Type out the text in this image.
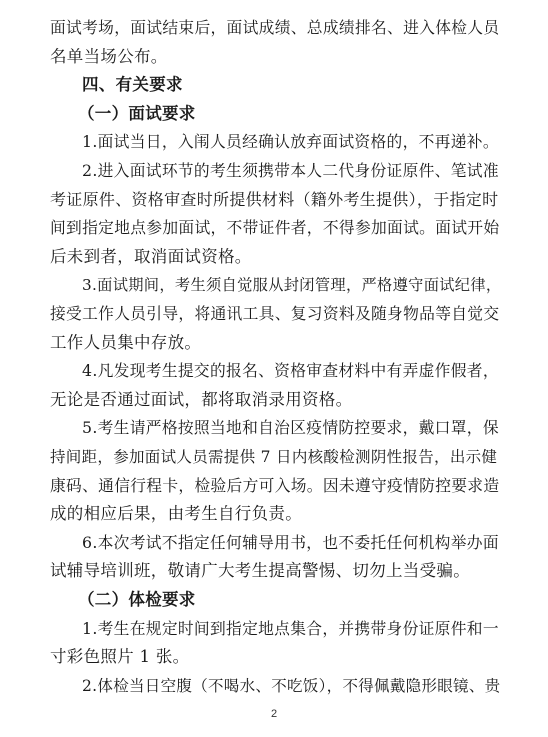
面试考场，面试结束后，面试成绩、总成绩排名、进入体检人员
名单当场公布。
四、有关要求
（一）面试要求
1.面试当日，入闱人员经确认放弃面试资格的，不再递补。
2.进入面试环节的考生须携带本人二代身份证原件、笔试准
考证原件、资格审查时所提供材料（籍外考生提供），于指定时
间到指定地点参加面试，不带证件者，不得参加面试。面试开始
后未到者，取消面试资格。
3.面试期间，考生须自觉服从封闭管理，严格遵守面试纪律，
接受工作人员引导，将通讯工具、复习资料及随身物品等自觉交
工作人员集中存放。
4.凡发现考生提交的报名、资格审查材料中有弄虚作假者，
无论是否通过面试，都将取消录用资格。
5.考生请严格按照当地和自治区疫情防控要求，戴口罩，保
持间距，参加面试人员需提供 7 日内核酸检测阴性报告，出示健
康码、通信行程卡，检验后方可入场。因未遵守疫情防控要求造
成的相应后果，由考生自行负责。
6.本次考试不指定任何辅导用书，也不委托任何机构举办面
试辅导培训班，敬请广大考生提高警惕、切勿上当受骗。
（二）体检要求
1.考生在规定时间到指定地点集合，并携带身份证原件和一
寸彩色照片 1 张。
2.体检当日空腹（不喝水、不吃饭），不得佩戴隐形眼镜、贵
2
